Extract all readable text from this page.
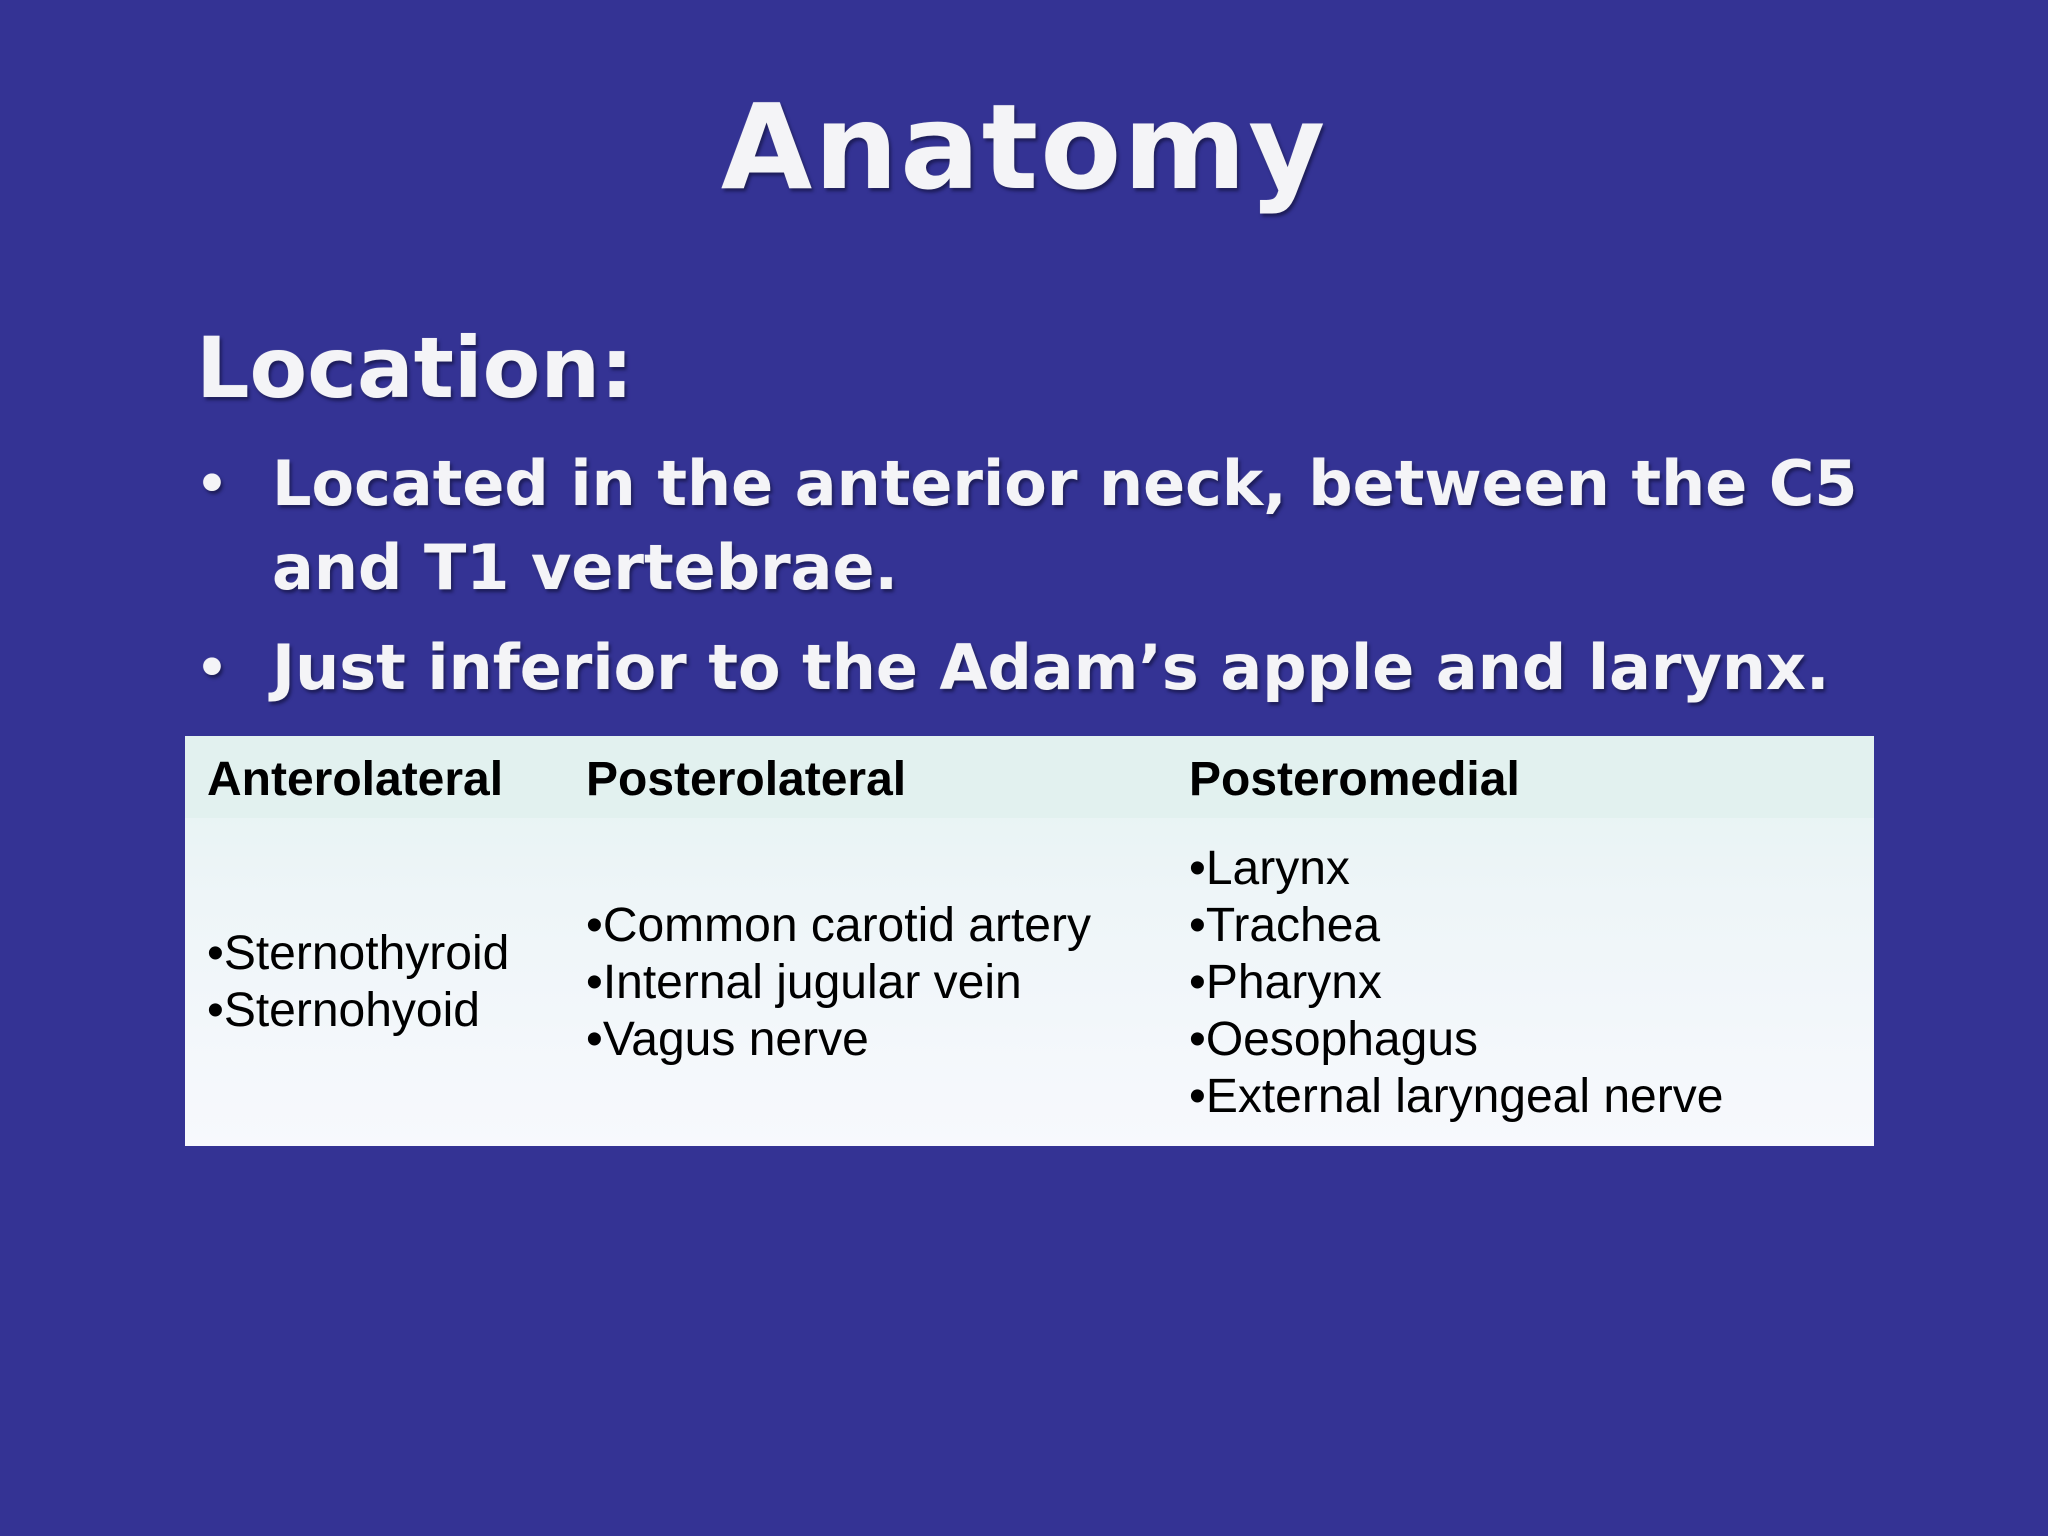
Anatomy
Location:
• Located in the anterior neck, between the C5 and T1 vertebrae.
• Just inferior to the Adam’s apple and larynx.
Anterolateral
•Sternothyroid
•Sternohyoid
Posterolateral
•Common carotid artery
•Internal jugular vein
•Vagus nerve
Posteromedial
•Larynx
•Trachea
•Pharynx
•Oesophagus
•External laryngeal nerve
